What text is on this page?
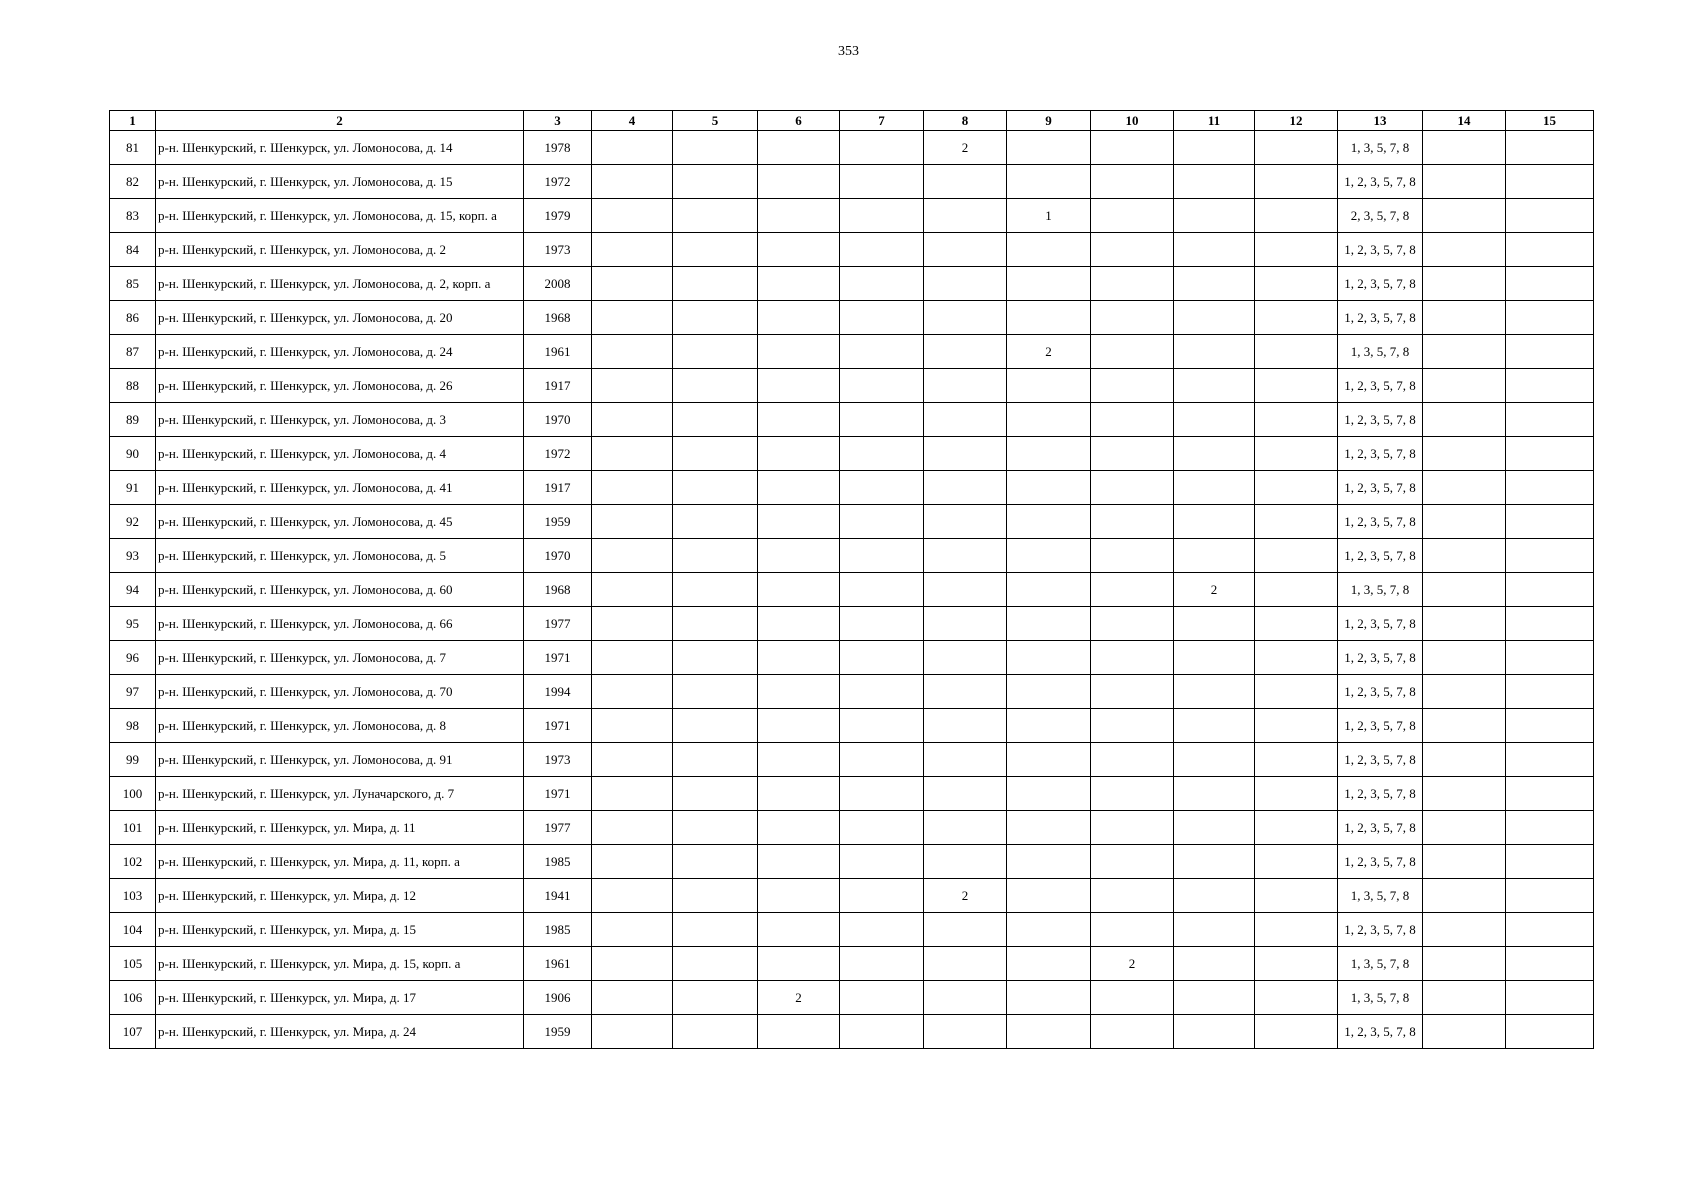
353
1	2	3	4	5	6	7	8	9	10	11	12	13	14	15
81	р-н. Шенкурский, г. Шенкурск, ул. Ломоносова, д. 14	1978					2					1, 3, 5, 7, 8		
82	р-н. Шенкурский, г. Шенкурск, ул. Ломоносова, д. 15	1972										1, 2, 3, 5, 7, 8		
83	р-н. Шенкурский, г. Шенкурск, ул. Ломоносова, д. 15, корп. а	1979						1				2, 3, 5, 7, 8		
84	р-н. Шенкурский, г. Шенкурск, ул. Ломоносова, д. 2	1973										1, 2, 3, 5, 7, 8		
85	р-н. Шенкурский, г. Шенкурск, ул. Ломоносова, д. 2, корп. а	2008										1, 2, 3, 5, 7, 8		
86	р-н. Шенкурский, г. Шенкурск, ул. Ломоносова, д. 20	1968										1, 2, 3, 5, 7, 8		
87	р-н. Шенкурский, г. Шенкурск, ул. Ломоносова, д. 24	1961						2				1, 3, 5, 7, 8		
88	р-н. Шенкурский, г. Шенкурск, ул. Ломоносова, д. 26	1917										1, 2, 3, 5, 7, 8		
89	р-н. Шенкурский, г. Шенкурск, ул. Ломоносова, д. 3	1970										1, 2, 3, 5, 7, 8		
90	р-н. Шенкурский, г. Шенкурск, ул. Ломоносова, д. 4	1972										1, 2, 3, 5, 7, 8		
91	р-н. Шенкурский, г. Шенкурск, ул. Ломоносова, д. 41	1917										1, 2, 3, 5, 7, 8		
92	р-н. Шенкурский, г. Шенкурск, ул. Ломоносова, д. 45	1959										1, 2, 3, 5, 7, 8		
93	р-н. Шенкурский, г. Шенкурск, ул. Ломоносова, д. 5	1970										1, 2, 3, 5, 7, 8		
94	р-н. Шенкурский, г. Шенкурск, ул. Ломоносова, д. 60	1968								2		1, 3, 5, 7, 8		
95	р-н. Шенкурский, г. Шенкурск, ул. Ломоносова, д. 66	1977										1, 2, 3, 5, 7, 8		
96	р-н. Шенкурский, г. Шенкурск, ул. Ломоносова, д. 7	1971										1, 2, 3, 5, 7, 8		
97	р-н. Шенкурский, г. Шенкурск, ул. Ломоносова, д. 70	1994										1, 2, 3, 5, 7, 8		
98	р-н. Шенкурский, г. Шенкурск, ул. Ломоносова, д. 8	1971										1, 2, 3, 5, 7, 8		
99	р-н. Шенкурский, г. Шенкурск, ул. Ломоносова, д. 91	1973										1, 2, 3, 5, 7, 8		
100	р-н. Шенкурский, г. Шенкурск, ул. Луначарского, д. 7	1971										1, 2, 3, 5, 7, 8		
101	р-н. Шенкурский, г. Шенкурск, ул. Мира, д. 11	1977										1, 2, 3, 5, 7, 8		
102	р-н. Шенкурский, г. Шенкурск, ул. Мира, д. 11, корп. а	1985										1, 2, 3, 5, 7, 8		
103	р-н. Шенкурский, г. Шенкурск, ул. Мира, д. 12	1941					2					1, 3, 5, 7, 8		
104	р-н. Шенкурский, г. Шенкурск, ул. Мира, д. 15	1985										1, 2, 3, 5, 7, 8		
105	р-н. Шенкурский, г. Шенкурск, ул. Мира, д. 15, корп. а	1961							2			1, 3, 5, 7, 8		
106	р-н. Шенкурский, г. Шенкурск, ул. Мира, д. 17	1906			2							1, 3, 5, 7, 8		
107	р-н. Шенкурский, г. Шенкурск, ул. Мира, д. 24	1959										1, 2, 3, 5, 7, 8		
